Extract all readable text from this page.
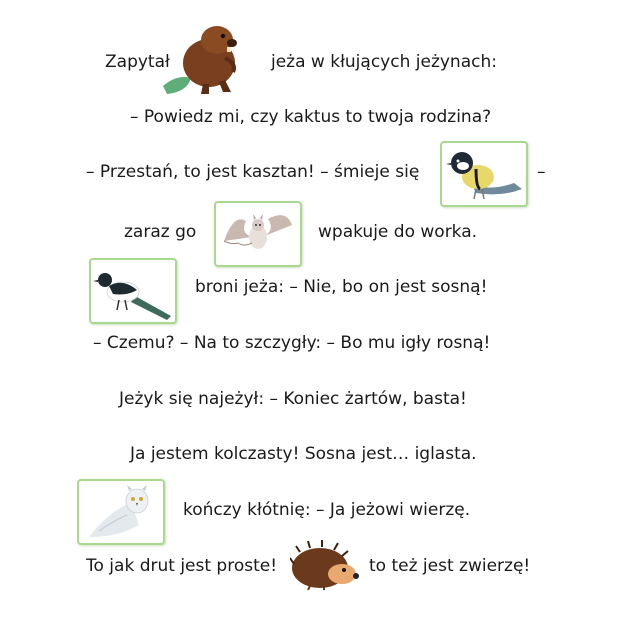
Zapytał	jeża w kłujących jeżynach:
– Powiedz mi, czy kaktus to twoja rodzina?
– Przestań, to jest kasztan! – śmieje się	–
zaraz go	wpakuje do worka.
broni jeża: – Nie, bo on jest sosną!
– Czemu? – Na to szczygły: – Bo mu igły rosną!
Jeżyk się najeżył: – Koniec żartów, basta!
Ja jestem kolczasty! Sosna jest… iglasta.
kończy kłótnię: – Ja jeżowi wierzę.
To jak drut jest proste!	to też jest zwierzę!
